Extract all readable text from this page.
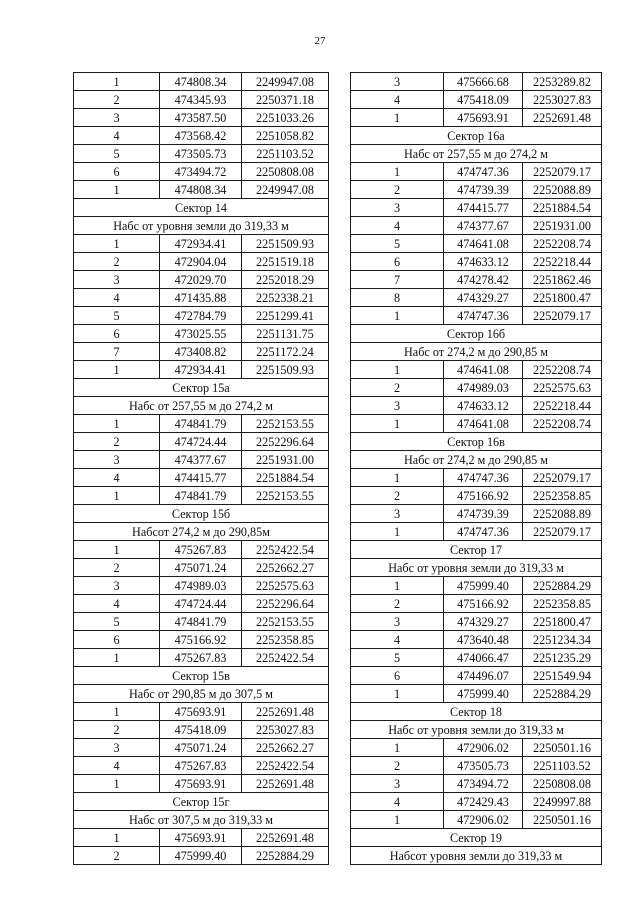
27
1	474808.34	2249947.08
2	474345.93	2250371.18
3	473587.50	2251033.26
4	473568.42	2251058.82
5	473505.73	2251103.52
6	473494.72	2250808.08
1	474808.34	2249947.08
Сектор 14		
Набс от уровня земли до 319,33 м		
1	472934.41	2251509.93
2	472904.04	2251519.18
3	472029.70	2252018.29
4	471435.88	2252338.21
5	472784.79	2251299.41
6	473025.55	2251131.75
7	473408.82	2251172.24
1	472934.41	2251509.93
Сектор 15а		
Набс от 257,55 м до 274,2 м		
1	474841.79	2252153.55
2	474724.44	2252296.64
3	474377.67	2251931.00
4	474415.77	2251884.54
1	474841.79	2252153.55
Сектор 15б		
Набсот 274,2 м до 290,85м		
1	475267.83	2252422.54
2	475071.24	2252662.27
3	474989.03	2252575.63
4	474724.44	2252296.64
5	474841.79	2252153.55
6	475166.92	2252358.85
1	475267.83	2252422.54
Сектор 15в		
Набс от 290,85 м до 307,5 м		
1	475693.91	2252691.48
2	475418.09	2253027.83
3	475071.24	2252662.27
4	475267.83	2252422.54
1	475693.91	2252691.48
Сектор 15г		
Набс от 307,5 м до 319,33 м		
1	475693.91	2252691.48
2	475999.40	2252884.29
3	475666.68	2253289.82
4	475418.09	2253027.83
1	475693.91	2252691.48
Сектор 16а		
Набс от 257,55 м до 274,2 м		
1	474747.36	2252079.17
2	474739.39	2252088.89
3	474415.77	2251884.54
4	474377.67	2251931.00
5	474641.08	2252208.74
6	474633.12	2252218.44
7	474278.42	2251862.46
8	474329.27	2251800.47
1	474747.36	2252079.17
Сектор 16б		
Набс от 274,2 м до 290,85 м		
1	474641.08	2252208.74
2	474989.03	2252575.63
3	474633.12	2252218.44
1	474641.08	2252208.74
Сектор 16в		
Набс от 274,2 м до 290,85 м		
1	474747.36	2252079.17
2	475166.92	2252358.85
3	474739.39	2252088.89
1	474747.36	2252079.17
Сектор 17		
Набс от уровня земли до 319,33 м		
1	475999.40	2252884.29
2	475166.92	2252358.85
3	474329.27	2251800.47
4	473640.48	2251234.34
5	474066.47	2251235.29
6	474496.07	2251549.94
1	475999.40	2252884.29
Сектор 18		
Набс от уровня земли до 319,33 м		
1	472906.02	2250501.16
2	473505.73	2251103.52
3	473494.72	2250808.08
4	472429.43	2249997.88
1	472906.02	2250501.16
Сектор 19		
Набсот уровня земли до 319,33 м		
